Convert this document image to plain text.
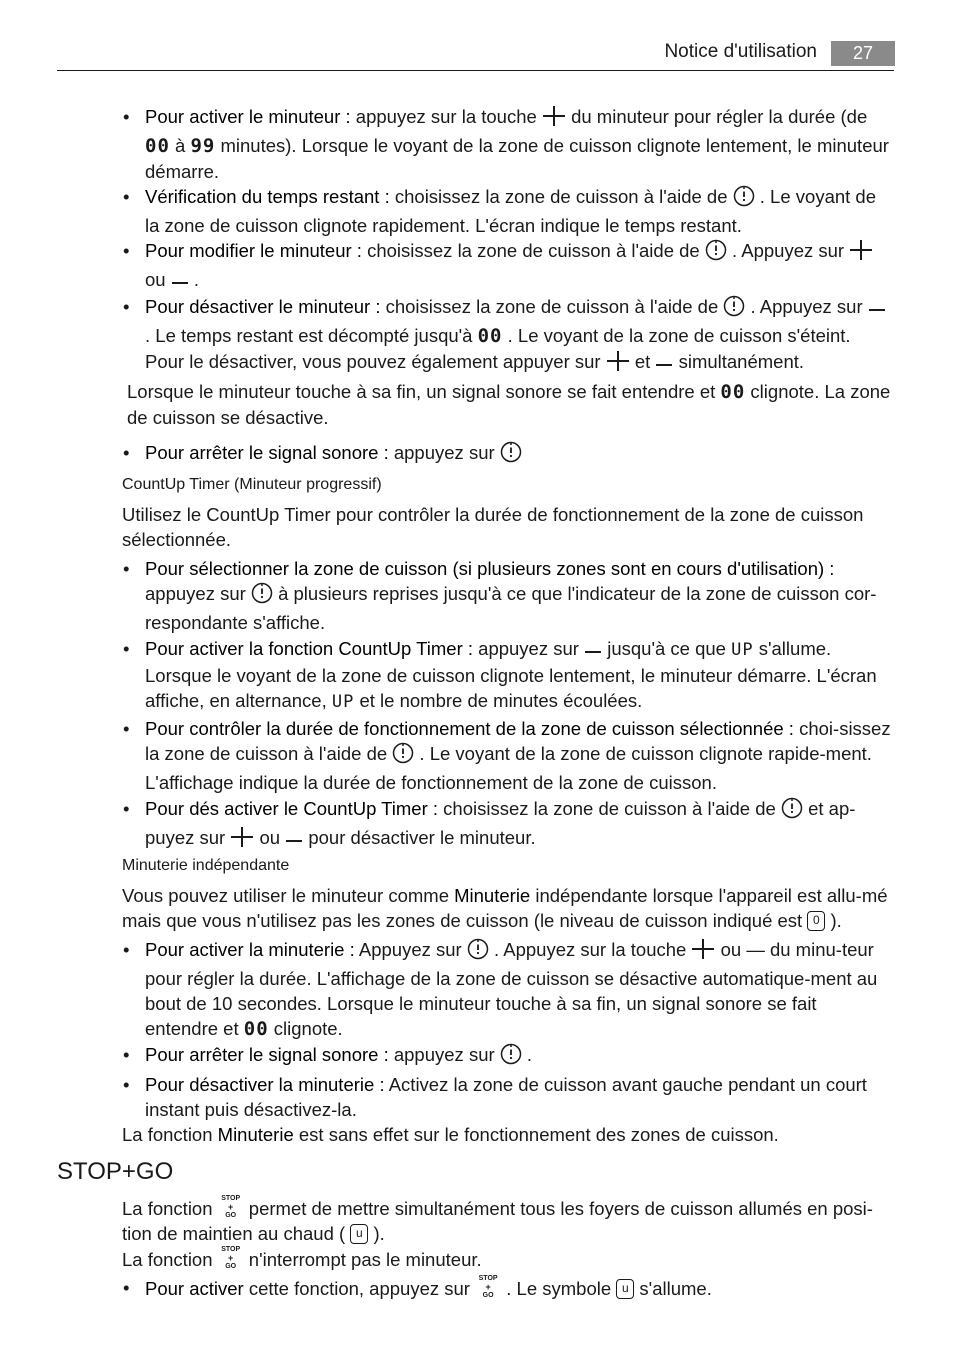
Notice d'utilisation	27
• Pour activer le minuteur : appuyez sur la touche  du minuteur pour régler la durée (de 00 à 99 minutes). Lorsque le voyant de la zone de cuisson clignote lentement, le minuteur démarre.
• Vérification du temps restant : choisissez la zone de cuisson à l'aide de  . Le voyant de la zone de cuisson clignote rapidement. L'écran indique le temps restant.
• Pour modifier le minuteur : choisissez la zone de cuisson à l'aide de  . Appuyez sur  ou  .
• Pour désactiver le minuteur : choisissez la zone de cuisson à l'aide de  . Appuyez sur  . Le temps restant est décompté jusqu'à 00 . Le voyant de la zone de cuisson s'éteint. Pour le désactiver, vous pouvez également appuyer sur  et  simultanément.
Lorsque le minuteur touche à sa fin, un signal sonore se fait entendre et 00 clignote. La zone de cuisson se désactive.
• Pour arrêter le signal sonore : appuyez sur
CountUp Timer (Minuteur progressif)
Utilisez le CountUp Timer pour contrôler la durée de fonctionnement de la zone de cuisson sélectionnée.
• Pour sélectionner la zone de cuisson (si plusieurs zones sont en cours d'utilisation) : appuyez sur  à plusieurs reprises jusqu'à ce que l'indicateur de la zone de cuisson cor-respondante s'affiche.
• Pour activer la fonction CountUp Timer : appuyez sur  jusqu'à ce que UP s'allume. Lorsque le voyant de la zone de cuisson clignote lentement, le minuteur démarre. L'écran affiche, en alternance, UP et le nombre de minutes écoulées.
• Pour contrôler la durée de fonctionnement de la zone de cuisson sélectionnée : choi-sissez la zone de cuisson à l'aide de  . Le voyant de la zone de cuisson clignote rapide-ment. L'affichage indique la durée de fonctionnement de la zone de cuisson.
• Pour dés activer le CountUp Timer : choisissez la zone de cuisson à l'aide de  et ap-puyez sur  ou  pour désactiver le minuteur.
Minuterie indépendante
Vous pouvez utiliser le minuteur comme Minuterie indépendante lorsque l'appareil est allu-mé mais que vous n'utilisez pas les zones de cuisson (le niveau de cuisson indiqué est 0 ).
• Pour activer la minuterie : Appuyez sur  . Appuyez sur la touche  ou — du minu-teur pour régler la durée. L'affichage de la zone de cuisson se désactive automatique-ment au bout de 10 secondes. Lorsque le minuteur touche à sa fin, un signal sonore se fait entendre et 00 clignote.
• Pour arrêter le signal sonore : appuyez sur  .
• Pour désactiver la minuterie : Activez la zone de cuisson avant gauche pendant un court instant puis désactivez-la.
La fonction Minuterie est sans effet sur le fonctionnement des zones de cuisson.
STOP+GO
La fonction STOP
+
GO permet de mettre simultanément tous les foyers de cuisson allumés en posi-tion de maintien au chaud ( u ).
La fonction STOP
+
GO n'interrompt pas le minuteur.
• Pour activer cette fonction, appuyez sur STOP
+
GO . Le symbole u s'allume.
